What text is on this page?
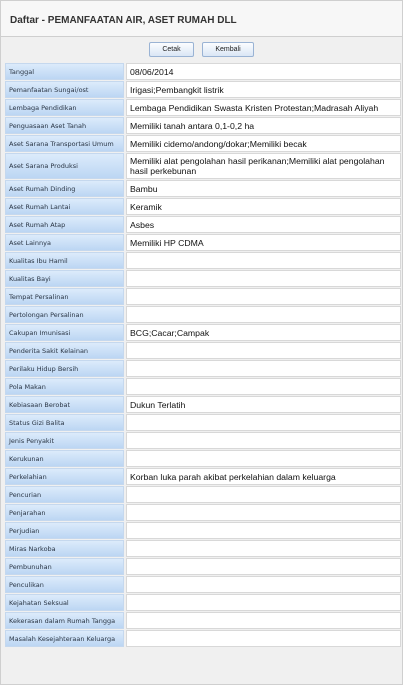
Daftar - PEMANFAATAN AIR, ASET RUMAH DLL
Cetak	Kembali
Tanggal		08/06/2014
Pemanfaatan Sungai/ost		Irigasi;Pembangkit listrik
Lembaga Pendidikan		Lembaga Pendidikan Swasta Kristen Protestan;Madrasah Aliyah
Penguasaan Aset Tanah		Memiliki tanah antara 0,1-0,2 ha
Aset Sarana Transportasi Umum		Memiliki cidemo/andong/dokar;Memiliki becak
Aset Sarana Produksi		Memiliki alat pengolahan hasil perikanan;Memiliki alat pengolahan hasil perkebunan
Aset Rumah Dinding		Bambu
Aset Rumah Lantai		Keramik
Aset Rumah Atap		Asbes
Aset Lainnya		Memiliki HP CDMA
Kualitas Ibu Hamil		
Kualitas Bayi		
Tempat Persalinan		
Pertolongan Persalinan		
Cakupan Imunisasi		BCG;Cacar;Campak
Penderita Sakit Kelainan		
Perilaku Hidup Bersih		
Pola Makan		
Kebiasaan Berobat		Dukun Terlatih
Status Gizi Balita		
Jenis Penyakit		
Kerukunan		
Perkelahian		Korban luka parah akibat perkelahian dalam keluarga
Pencurian		
Penjarahan		
Perjudian		
Miras Narkoba		
Pembunuhan		
Penculikan		
Kejahatan Seksual		
Kekerasan dalam Rumah Tangga		
Masalah Kesejahteraan Keluarga		
